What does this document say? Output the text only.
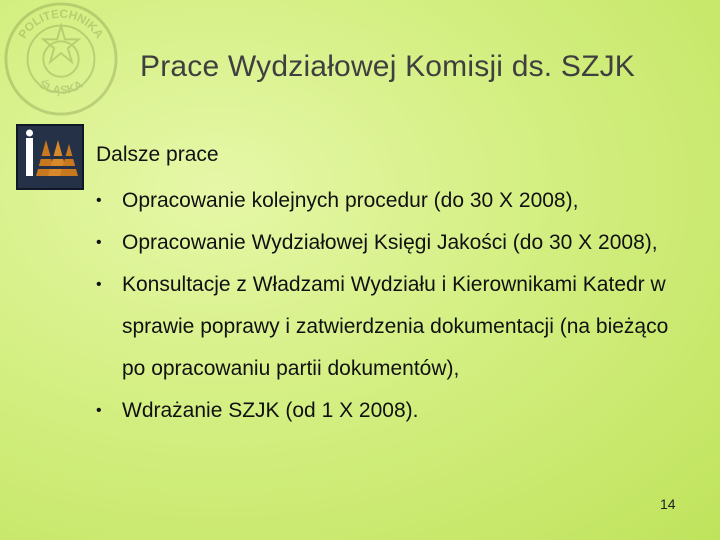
POLITECHNIKA
ŚLĄSKA
Prace Wydziałowej Komisji ds. SZJK
Dalsze prace
• Opracowanie kolejnych procedur (do 30 X 2008),
• Opracowanie Wydziałowej Księgi Jakości (do 30 X 2008),
• Konsultacje z Władzami Wydziału i Kierownikami Katedr w sprawie poprawy i zatwierdzenia dokumentacji (na bieżąco po opracowaniu partii dokumentów),
• Wdrażanie SZJK (od 1 X 2008).
14
